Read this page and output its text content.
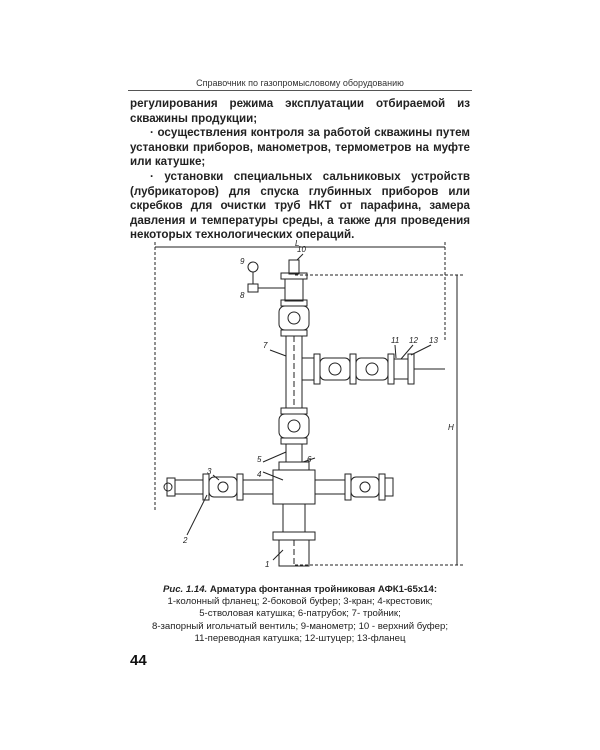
Справочник по газопромысловому оборудованию

регулирования режима эксплуатации отбираемой из скважины продукции;

· осуществления контроля за работой скважины путем установки приборов, манометров, термометров на муфте или катушке;

· установки специальных сальниковых устройств (лубрикаторов) для спуска глубинных приборов или скребков для очистки труб НКТ от парафина, замера давления и температуры среды, а также для проведения некоторых технологических операций.

L
H
1
2
3	4
5	6
7
8
9
10
11 12 13
Рис. 1.14. Арматура фонтанная тройниковая АФК1-65х14:
1-колонный фланец; 2-боковой буфер; 3-кран; 4-крестовик;
5-стволовая катушка; 6-патрубок; 7- тройник;
8-запорный игольчатый вентиль; 9-манометр; 10 - верхний буфер;
11-переводная катушка; 12-штуцер; 13-фланец
44
